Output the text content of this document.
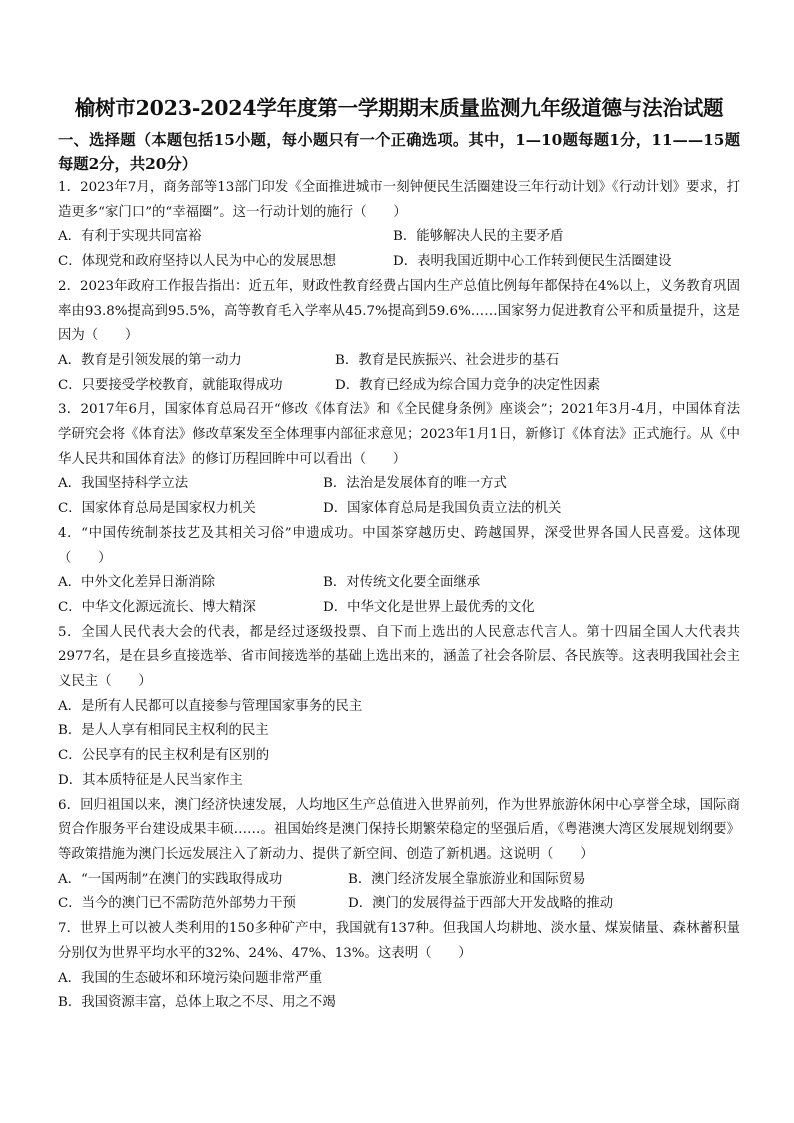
榆树市2023-2024学年度第一学期期末质量监测九年级道德与法治试题

一、选择题（本题包括15小题，每小题只有一个正确选项。其中，1—10题每题1分，11——15题每题2分，共20分）

1．2023年7月，商务部等13部门印发《全面推进城市一刻钟便民生活圈建设三年行动计划》《行动计划》要求，打造更多“家门口”的“幸福圈”。这一行动计划的施行（　　）

A．有利于实现共同富裕	B．能够解决人民的主要矛盾
C．体现党和政府坚持以人民为中心的发展思想	D．表明我国近期中心工作转到便民生活圈建设

2．2023年政府工作报告指出：近五年，财政性教育经费占国内生产总值比例每年都保持在4%以上，义务教育巩固率由93.8%提高到95.5%，高等教育毛入学率从45.7%提高到59.6%……国家努力促进教育公平和质量提升，这是因为（　　）

A．教育是引领发展的第一动力	B．教育是民族振兴、社会进步的基石
C．只要接受学校教育，就能取得成功	D．教育已经成为综合国力竞争的决定性因素

3．2017年6月，国家体育总局召开“修改《体育法》和《全民健身条例》座谈会”；2021年3月-4月，中国体育法学研究会将《体育法》修改草案发至全体理事内部征求意见；2023年1月1日，新修订《体育法》正式施行。从《中华人民共和国体育法》的修订历程回眸中可以看出（　　）

A．我国坚持科学立法	B．法治是发展体育的唯一方式
C．国家体育总局是国家权力机关	D．国家体育总局是我国负责立法的机关

4．“中国传统制茶技艺及其相关习俗”申遗成功。中国茶穿越历史、跨越国界，深受世界各国人民喜爱。这体现（　　）

A．中外文化差异日渐消除	B．对传统文化要全面继承
C．中华文化源远流长、博大精深	D．中华文化是世界上最优秀的文化

5．全国人民代表大会的代表，都是经过逐级投票、自下而上选出的人民意志代言人。第十四届全国人大代表共2977名，是在县乡直接选举、省市间接选举的基础上选出来的，涵盖了社会各阶层、各民族等。这表明我国社会主义民主（　　）

A．是所有人民都可以直接参与管理国家事务的民主

B．是人人享有相同民主权利的民主

C．公民享有的民主权利是有区别的

D．其本质特征是人民当家作主

6．回归祖国以来，澳门经济快速发展，人均地区生产总值进入世界前列，作为世界旅游休闲中心享誉全球，国际商贸合作服务平台建设成果丰硕……。祖国始终是澳门保持长期繁荣稳定的坚强后盾，《粤港澳大湾区发展规划纲要》等政策措施为澳门长远发展注入了新动力、提供了新空间、创造了新机遇。这说明（　　）

A．“一国两制”在澳门的实践取得成功	B．澳门经济发展全靠旅游业和国际贸易
C．当今的澳门已不需防范外部势力干预	D．澳门的发展得益于西部大开发战略的推动

7．世界上可以被人类利用的150多种矿产中，我国就有137种。但我国人均耕地、淡水量、煤炭储量、森林蓄积量分别仅为世界平均水平的32%、24%、47%、13%。这表明（　　）

A．我国的生态破坏和环境污染问题非常严重

B．我国资源丰富，总体上取之不尽、用之不竭
